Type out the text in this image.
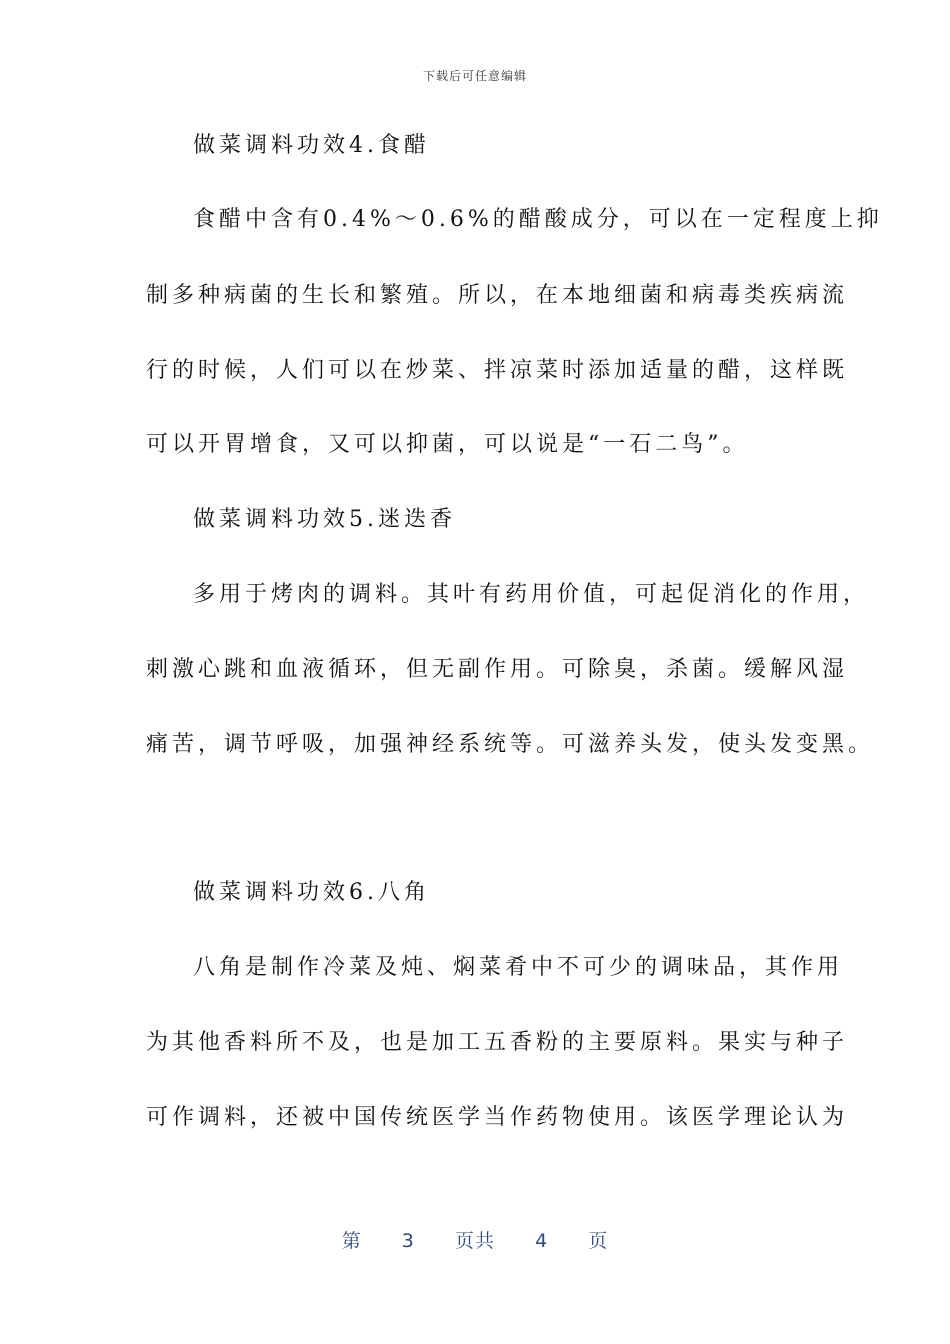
下载后可任意编辑
做菜调料功效4.食醋
食醋中含有0.4%～0.6%的醋酸成分，可以在一定程度上抑
制多种病菌的生长和繁殖。所以，在本地细菌和病毒类疾病流
行的时候，人们可以在炒菜、拌凉菜时添加适量的醋，这样既
可以开胃增食，又可以抑菌，可以说是“一石二鸟”。
做菜调料功效5.迷迭香
多用于烤肉的调料。其叶有药用价值，可起促消化的作用，
刺激心跳和血液循环，但无副作用。可除臭，杀菌。缓解风湿
痛苦，调节呼吸，加强神经系统等。可滋养头发，使头发变黑。
做菜调料功效6.八角
八角是制作冷菜及炖、焖菜肴中不可少的调味品，其作用
为其他香料所不及，也是加工五香粉的主要原料。果实与种子
可作调料，还被中国传统医学当作药物使用。该医学理论认为
第 3 页共 4 页
